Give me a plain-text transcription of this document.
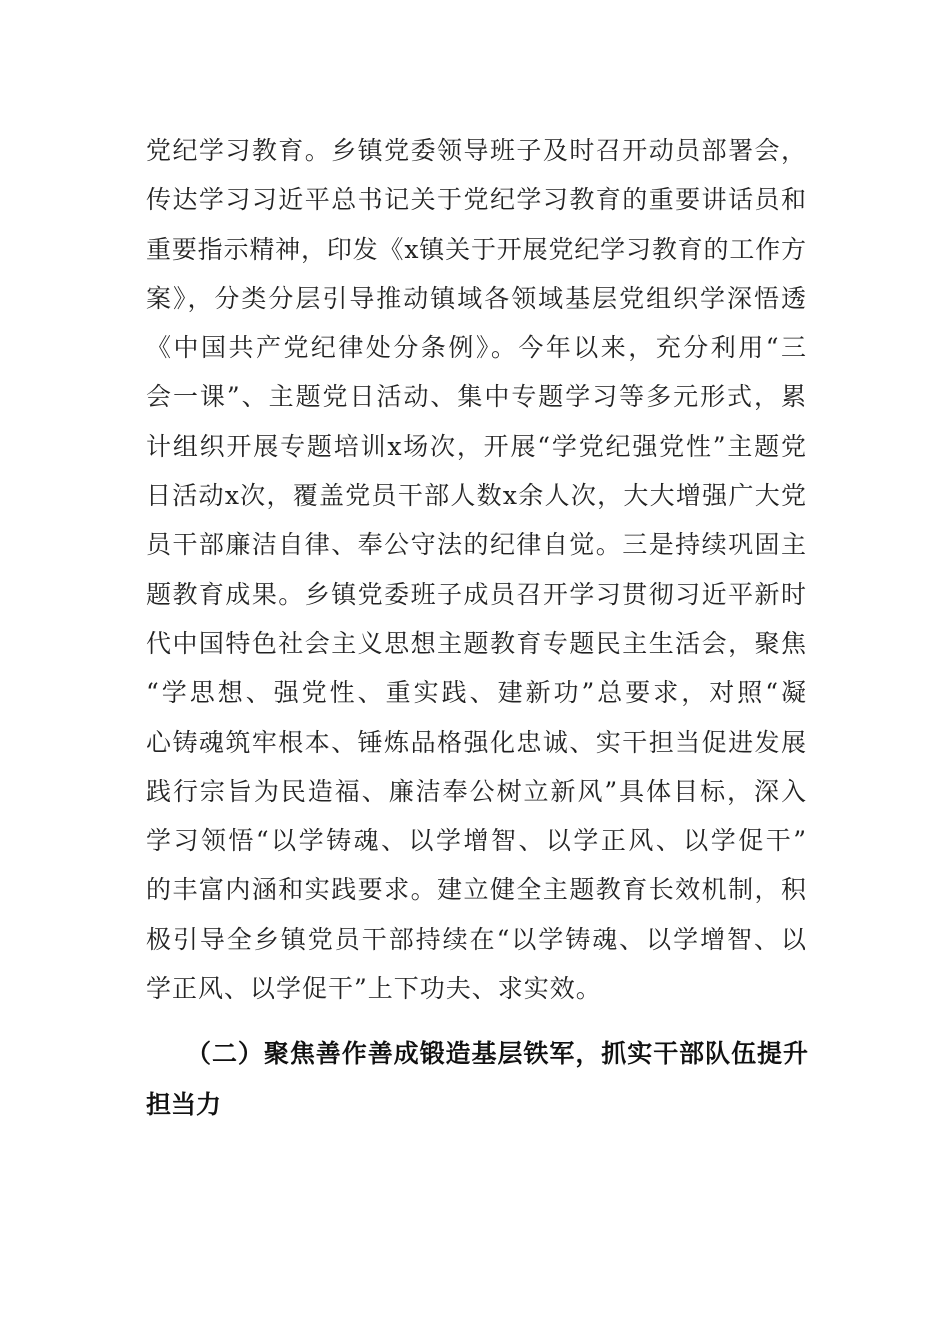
党纪学习教育。乡镇党委领导班子及时召开动员部署会，
传达学习习近平总书记关于党纪学习教育的重要讲话员和
重要指示精神，印发《x镇关于开展党纪学习教育的工作方
案》，分类分层引导推动镇域各领域基层党组织学深悟透
《中国共产党纪律处分条例》。今年以来，充分利用“三
会一课”、主题党日活动、集中专题学习等多元形式，累
计组织开展专题培训x场次，开展“学党纪强党性”主题党
日活动x次，覆盖党员干部人数x余人次，大大增强广大党
员干部廉洁自律、奉公守法的纪律自觉。三是持续巩固主
题教育成果。乡镇党委班子成员召开学习贯彻习近平新时
代中国特色社会主义思想主题教育专题民主生活会，聚焦
“学思想、强党性、重实践、建新功”总要求，对照“凝
心铸魂筑牢根本、锤炼品格强化忠诚、实干担当促进发展
践行宗旨为民造福、廉洁奉公树立新风”具体目标，深入
学习领悟“以学铸魂、以学增智、以学正风、以学促干”
的丰富内涵和实践要求。建立健全主题教育长效机制，积
极引导全乡镇党员干部持续在“以学铸魂、以学增智、以
学正风、以学促干”上下功夫、求实效。
（二）聚焦善作善成锻造基层铁军，抓实干部队伍提升
担当力
